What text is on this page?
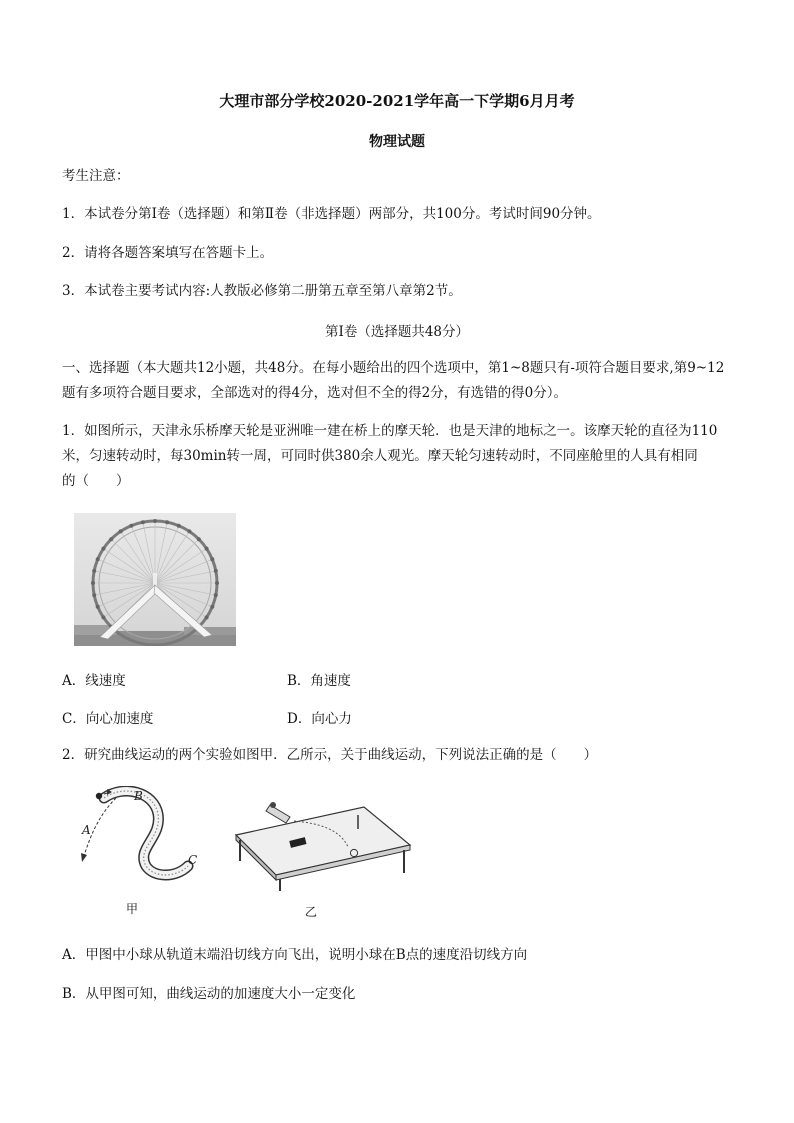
大理市部分学校2020-2021学年高一下学期6月月考
物理试题
考生注意：
1．本试卷分第Ⅰ卷（选择题）和第Ⅱ卷（非选择题）两部分，共100分。考试时间90分钟。
2．请将各题答案填写在答题卡上。
3．本试卷主要考试内容:人教版必修第二册第五章至第八章第2节。
第Ⅰ卷（选择题共48分）
一、选择题（本大题共12小题，共48分。在每小题给出的四个选项中，第1~8题只有-项符合题目要求,第9~12
题有多项符合题目要求，全部选对的得4分，选对但不全的得2分，有选错的得0分）。
1．如图所示，天津永乐桥摩天轮是亚洲唯一建在桥上的摩天轮．也是天津的地标之一。该摩天轮的直径为110
米，匀速转动时，每30min转一周，可同时供380余人观光。摩天轮匀速转动时，不同座舱里的人具有相同
的（　　）
A．线速度	B．角速度
C．向心加速度	D．向心力
2．研究曲线运动的两个实验如图甲．乙所示，关于曲线运动，下列说法正确的是（　　）
B
A
C
甲	乙
A．甲图中小球从轨道末端沿切线方向飞出，说明小球在B点的速度沿切线方向
B．从甲图可知，曲线运动的加速度大小一定变化
